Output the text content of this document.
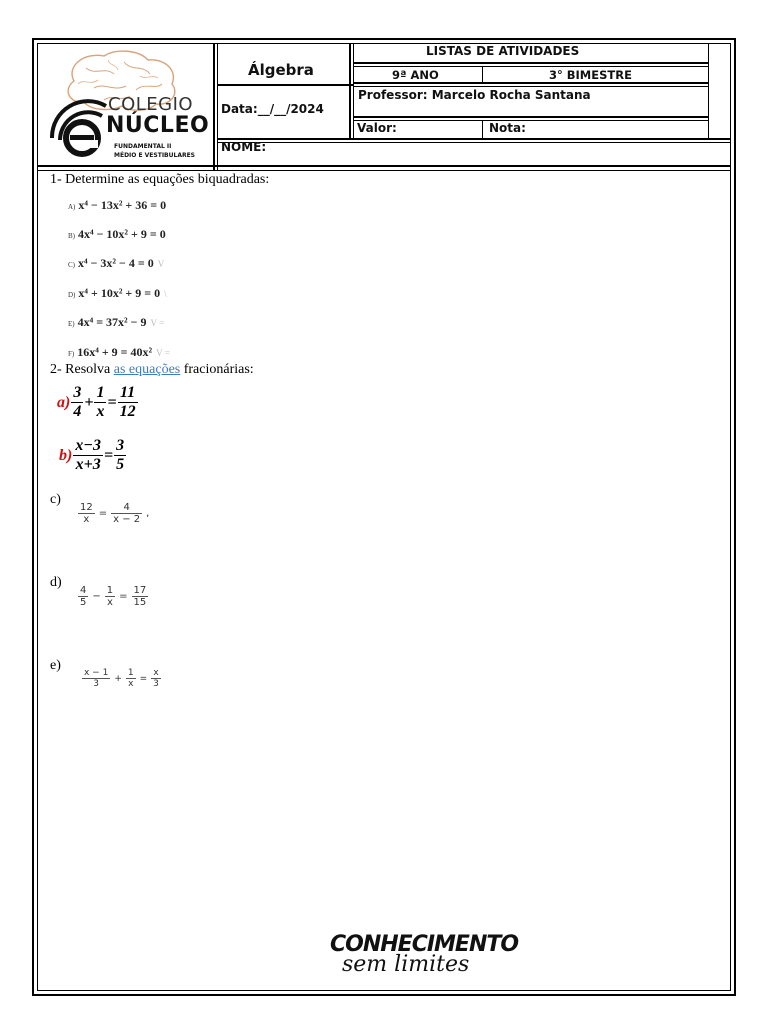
COLEGIO
NÚCLEO
FUNDAMENTAL II
MÉDIO E VESTIBULARES
Álgebra
LISTAS DE ATIVIDADES
9ª ANO	3° BIMESTRE
Data:__/__/2024
Professor: Marcelo Rocha Santana
Valor:	Nota:
NOME:
1- Determine as equações biquadradas:
A) x⁴ − 13x² + 36 = 0
B) 4x⁴ − 10x² + 9 = 0
C) x⁴ − 3x² − 4 = 0 V
D) x⁴ + 10x² + 9 = 0 \
E) 4x⁴ = 37x² − 9 V =
F) 16x⁴ + 9 = 40x² V =
2- Resolva as equações fracionárias:
$a) \frac{3}{4} + \frac{1}{x} = \frac{11}{12}$
$b) \frac{x-3}{x+3} = \frac{3}{5}$
c)
$\frac{12}{x} = \frac{4}{x - 2}$ ,
d)
$\frac{4}{5} - \frac{1}{x} = \frac{17}{15}$
e)
$\frac{x - 1}{3} + \frac{1}{x} = \frac{x}{3}$
CONHECIMENTO
sem limites
